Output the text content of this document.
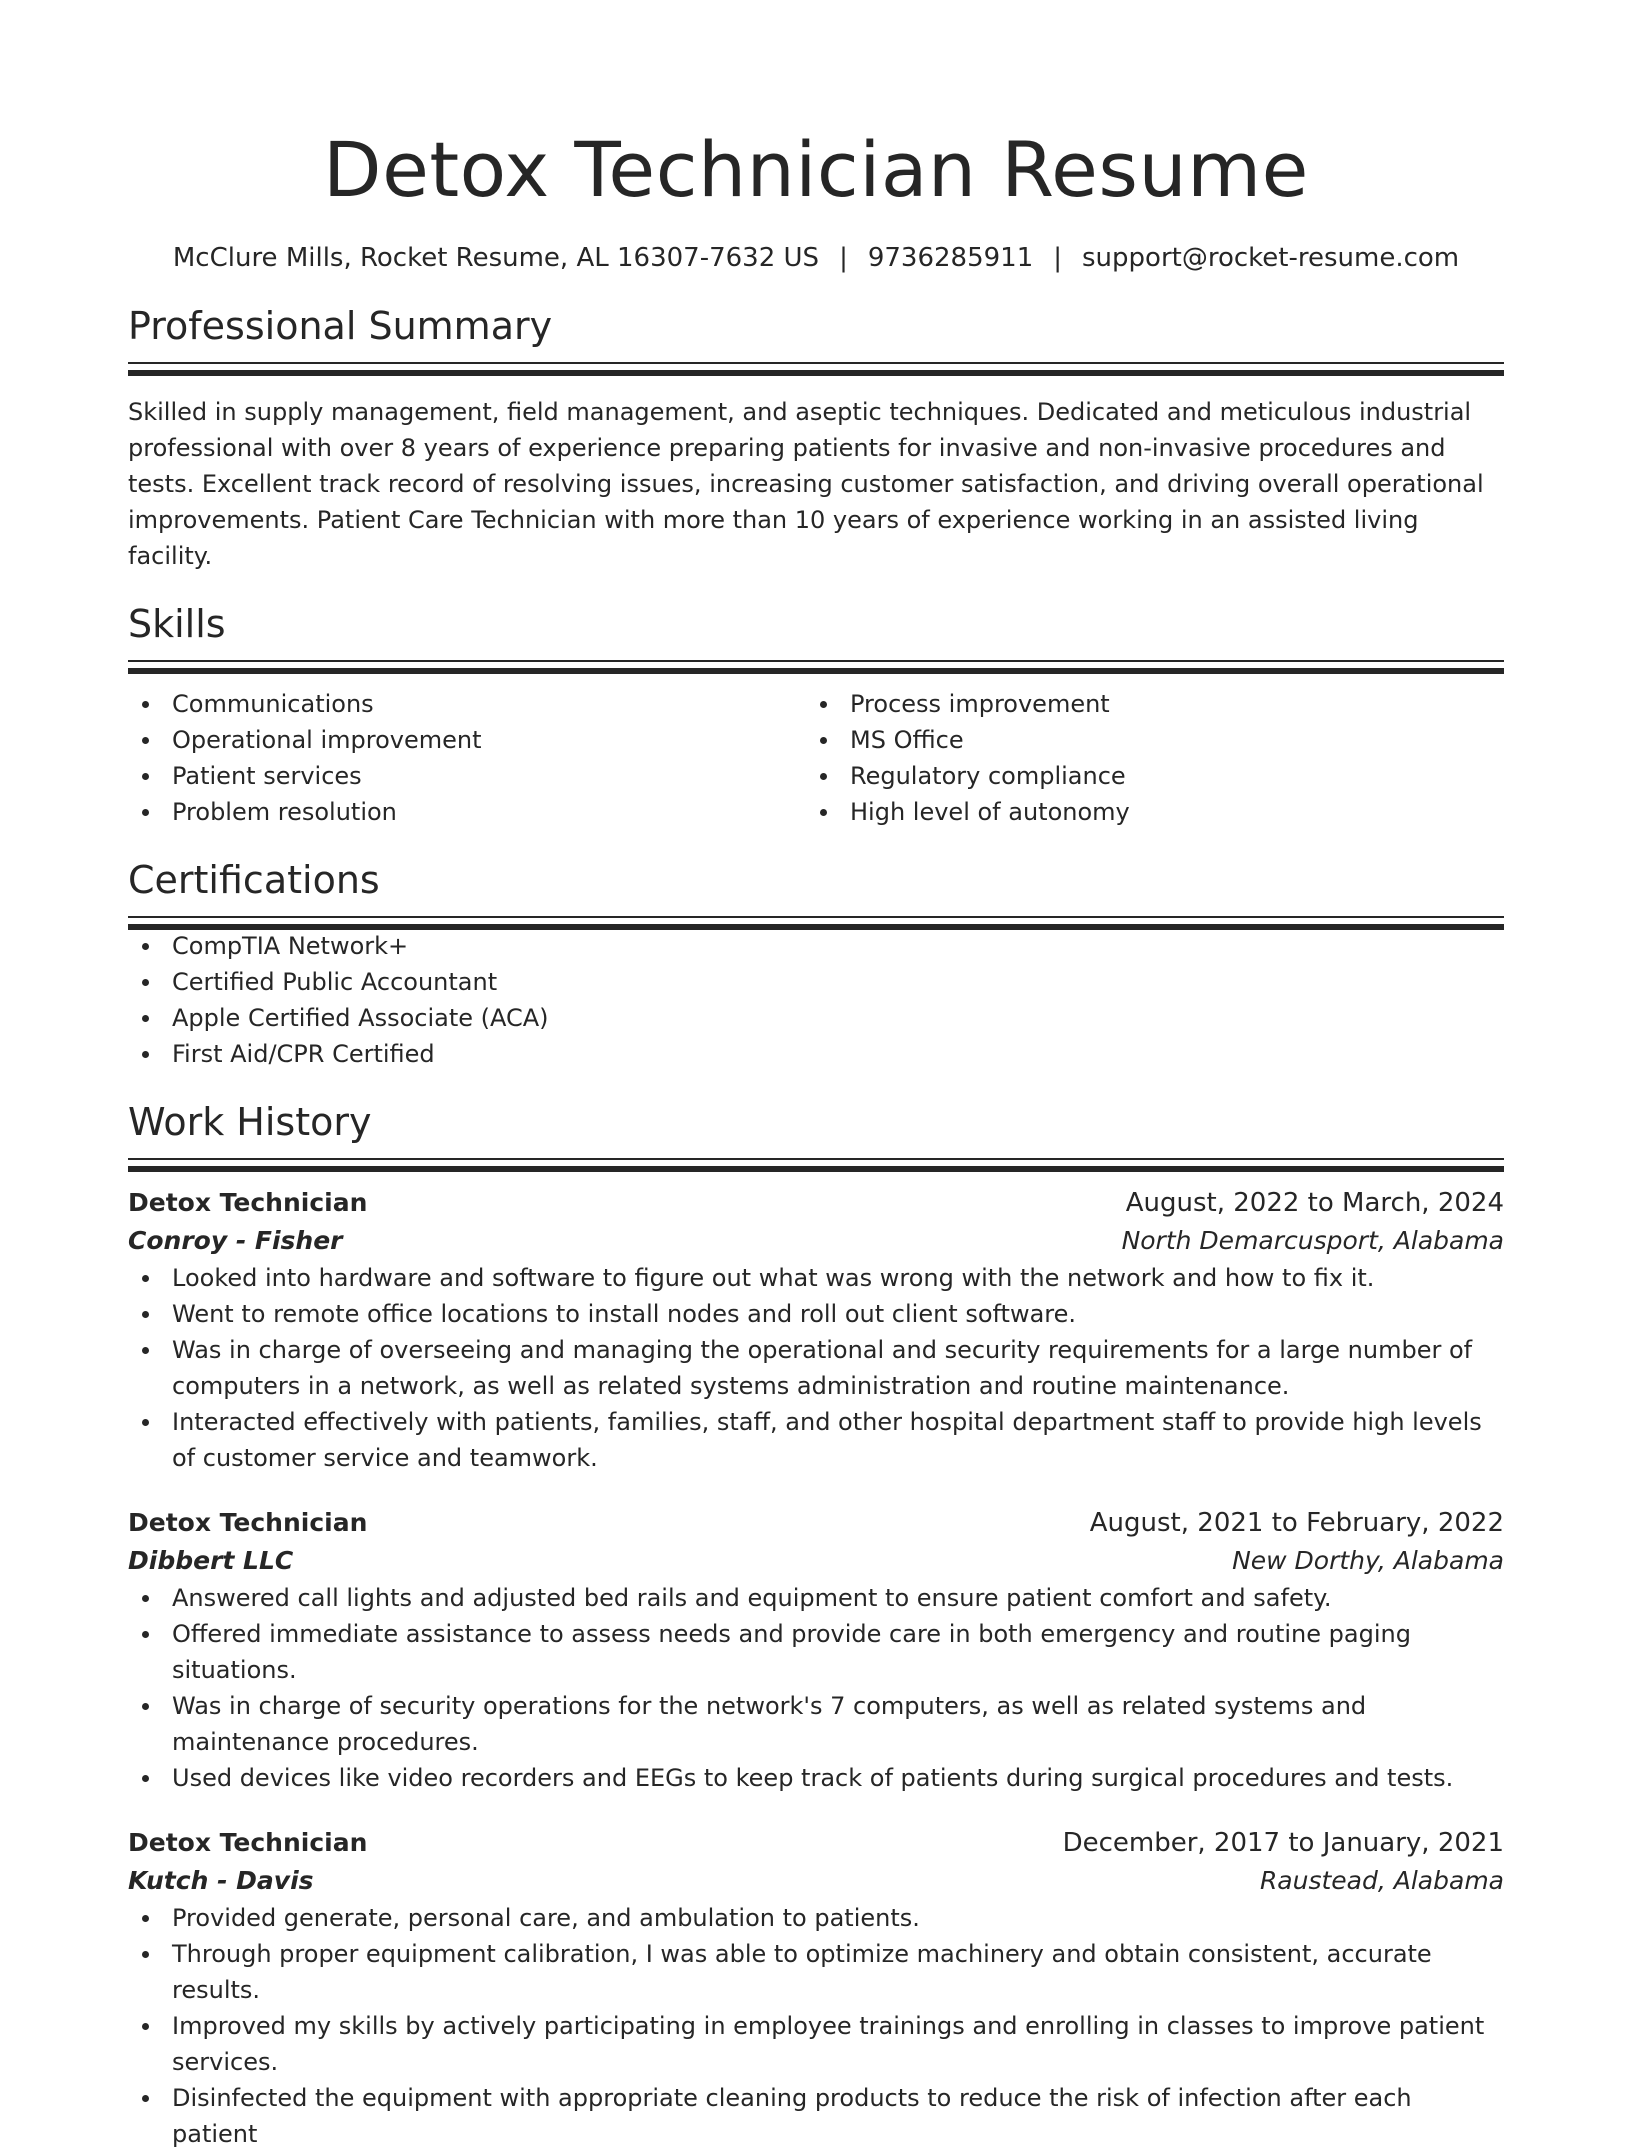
Detox Technician Resume
McClure Mills, Rocket Resume, AL 16307-7632 US | 9736285911 | support@rocket-resume.com
Professional Summary
Skilled in supply management, field management, and aseptic techniques. Dedicated and meticulous industrial professional with over 8 years of experience preparing patients for invasive and non-invasive procedures and tests. Excellent track record of resolving issues, increasing customer satisfaction, and driving overall operational improvements. Patient Care Technician with more than 10 years of experience working in an assisted living facility.
Skills
Communications
Operational improvement
Patient services
Problem resolution
Process improvement
MS Office
Regulatory compliance
High level of autonomy
Certifications
CompTIA Network+
Certified Public Accountant
Apple Certified Associate (ACA)
First Aid/CPR Certified
Work History
Detox Technician	August, 2022 to March, 2024
Conroy - Fisher	North Demarcusport, Alabama
Looked into hardware and software to figure out what was wrong with the network and how to fix it.
Went to remote office locations to install nodes and roll out client software.
Was in charge of overseeing and managing the operational and security requirements for a large number of computers in a network, as well as related systems administration and routine maintenance.
Interacted effectively with patients, families, staff, and other hospital department staff to provide high levels of customer service and teamwork.
Detox Technician	August, 2021 to February, 2022
Dibbert LLC	New Dorthy, Alabama
Answered call lights and adjusted bed rails and equipment to ensure patient comfort and safety.
Offered immediate assistance to assess needs and provide care in both emergency and routine paging situations.
Was in charge of security operations for the network's 7 computers, as well as related systems and maintenance procedures.
Used devices like video recorders and EEGs to keep track of patients during surgical procedures and tests.
Detox Technician	December, 2017 to January, 2021
Kutch - Davis	Raustead, Alabama
Provided generate, personal care, and ambulation to patients.
Through proper equipment calibration, I was able to optimize machinery and obtain consistent, accurate results.
Improved my skills by actively participating in employee trainings and enrolling in classes to improve patient services.
Disinfected the equipment with appropriate cleaning products to reduce the risk of infection after each patient
